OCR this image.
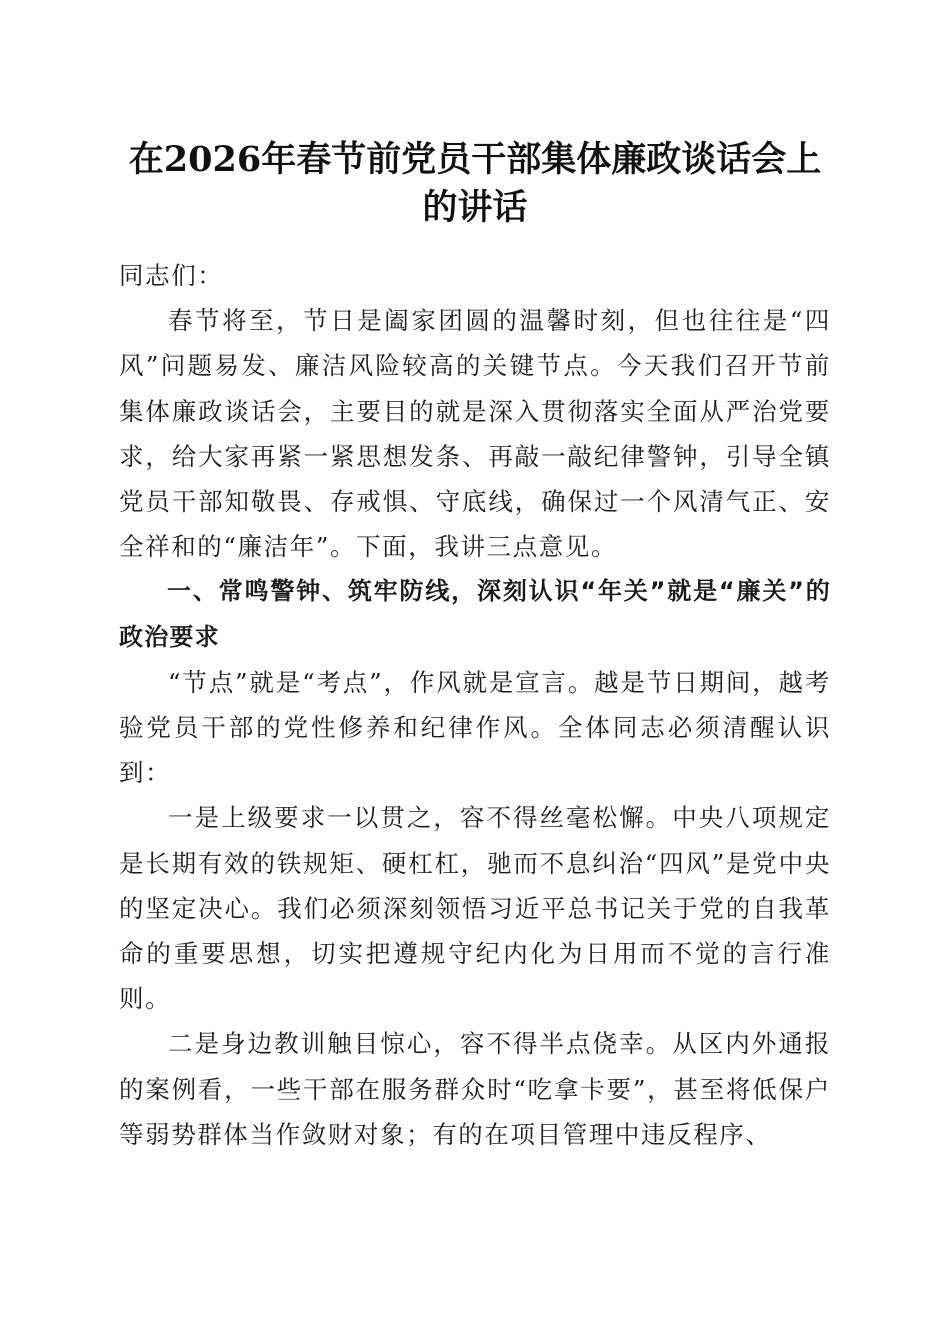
在2026年春节前党员干部集体廉政谈话会上
的讲话

同志们：

春节将至，节日是阖家团圆的温馨时刻，但也往往是“四风”问题易发、廉洁风险较高的关键节点。今天我们召开节前集体廉政谈话会，主要目的就是深入贯彻落实全面从严治党要求，给大家再紧一紧思想发条、再敲一敲纪律警钟，引导全镇党员干部知敬畏、存戒惧、守底线，确保过一个风清气正、安全祥和的“廉洁年”。下面，我讲三点意见。

一、常鸣警钟、筑牢防线，深刻认识“年关”就是“廉关”的政治要求

“节点”就是“考点”，作风就是宣言。越是节日期间，越考验党员干部的党性修养和纪律作风。全体同志必须清醒认识到：

一是上级要求一以贯之，容不得丝毫松懈。中央八项规定是长期有效的铁规矩、硬杠杠，驰而不息纠治“四风”是党中央的坚定决心。我们必须深刻领悟习近平总书记关于党的自我革命的重要思想，切实把遵规守纪内化为日用而不觉的言行准则。

二是身边教训触目惊心，容不得半点侥幸。从区内外通报的案例看，一些干部在服务群众时“吃拿卡要”，甚至将低保户等弱势群体当作敛财对象；有的在项目管理中违反程序、
